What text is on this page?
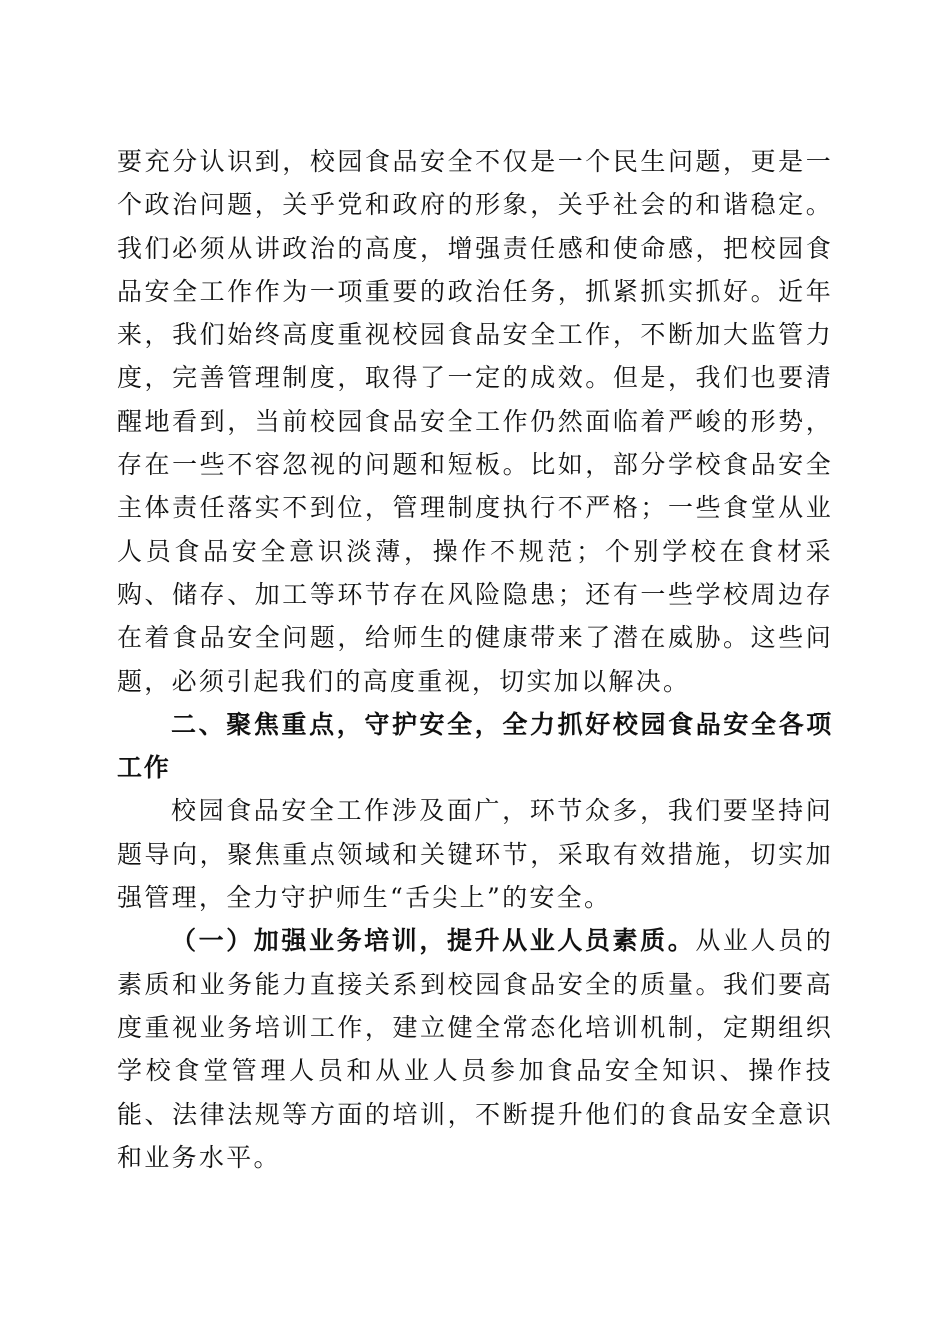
要充分认识到，校园食品安全不仅是一个民生问题，更是一个政治问题，关乎党和政府的形象，关乎社会的和谐稳定。我们必须从讲政治的高度，增强责任感和使命感，把校园食品安全工作作为一项重要的政治任务，抓紧抓实抓好。近年来，我们始终高度重视校园食品安全工作，不断加大监管力度，完善管理制度，取得了一定的成效。但是，我们也要清醒地看到，当前校园食品安全工作仍然面临着严峻的形势，存在一些不容忽视的问题和短板。比如，部分学校食品安全主体责任落实不到位，管理制度执行不严格；一些食堂从业人员食品安全意识淡薄，操作不规范；个别学校在食材采购、储存、加工等环节存在风险隐患；还有一些学校周边存在着食品安全问题，给师生的健康带来了潜在威胁。这些问题，必须引起我们的高度重视，切实加以解决。

二、聚焦重点，守护安全，全力抓好校园食品安全各项工作

校园食品安全工作涉及面广，环节众多，我们要坚持问题导向，聚焦重点领域和关键环节，采取有效措施，切实加强管理，全力守护师生“舌尖上”的安全。

（一）加强业务培训，提升从业人员素质。从业人员的素质和业务能力直接关系到校园食品安全的质量。我们要高度重视业务培训工作，建立健全常态化培训机制，定期组织学校食堂管理人员和从业人员参加食品安全知识、操作技能、法律法规等方面的培训，不断提升他们的食品安全意识和业务水平。
